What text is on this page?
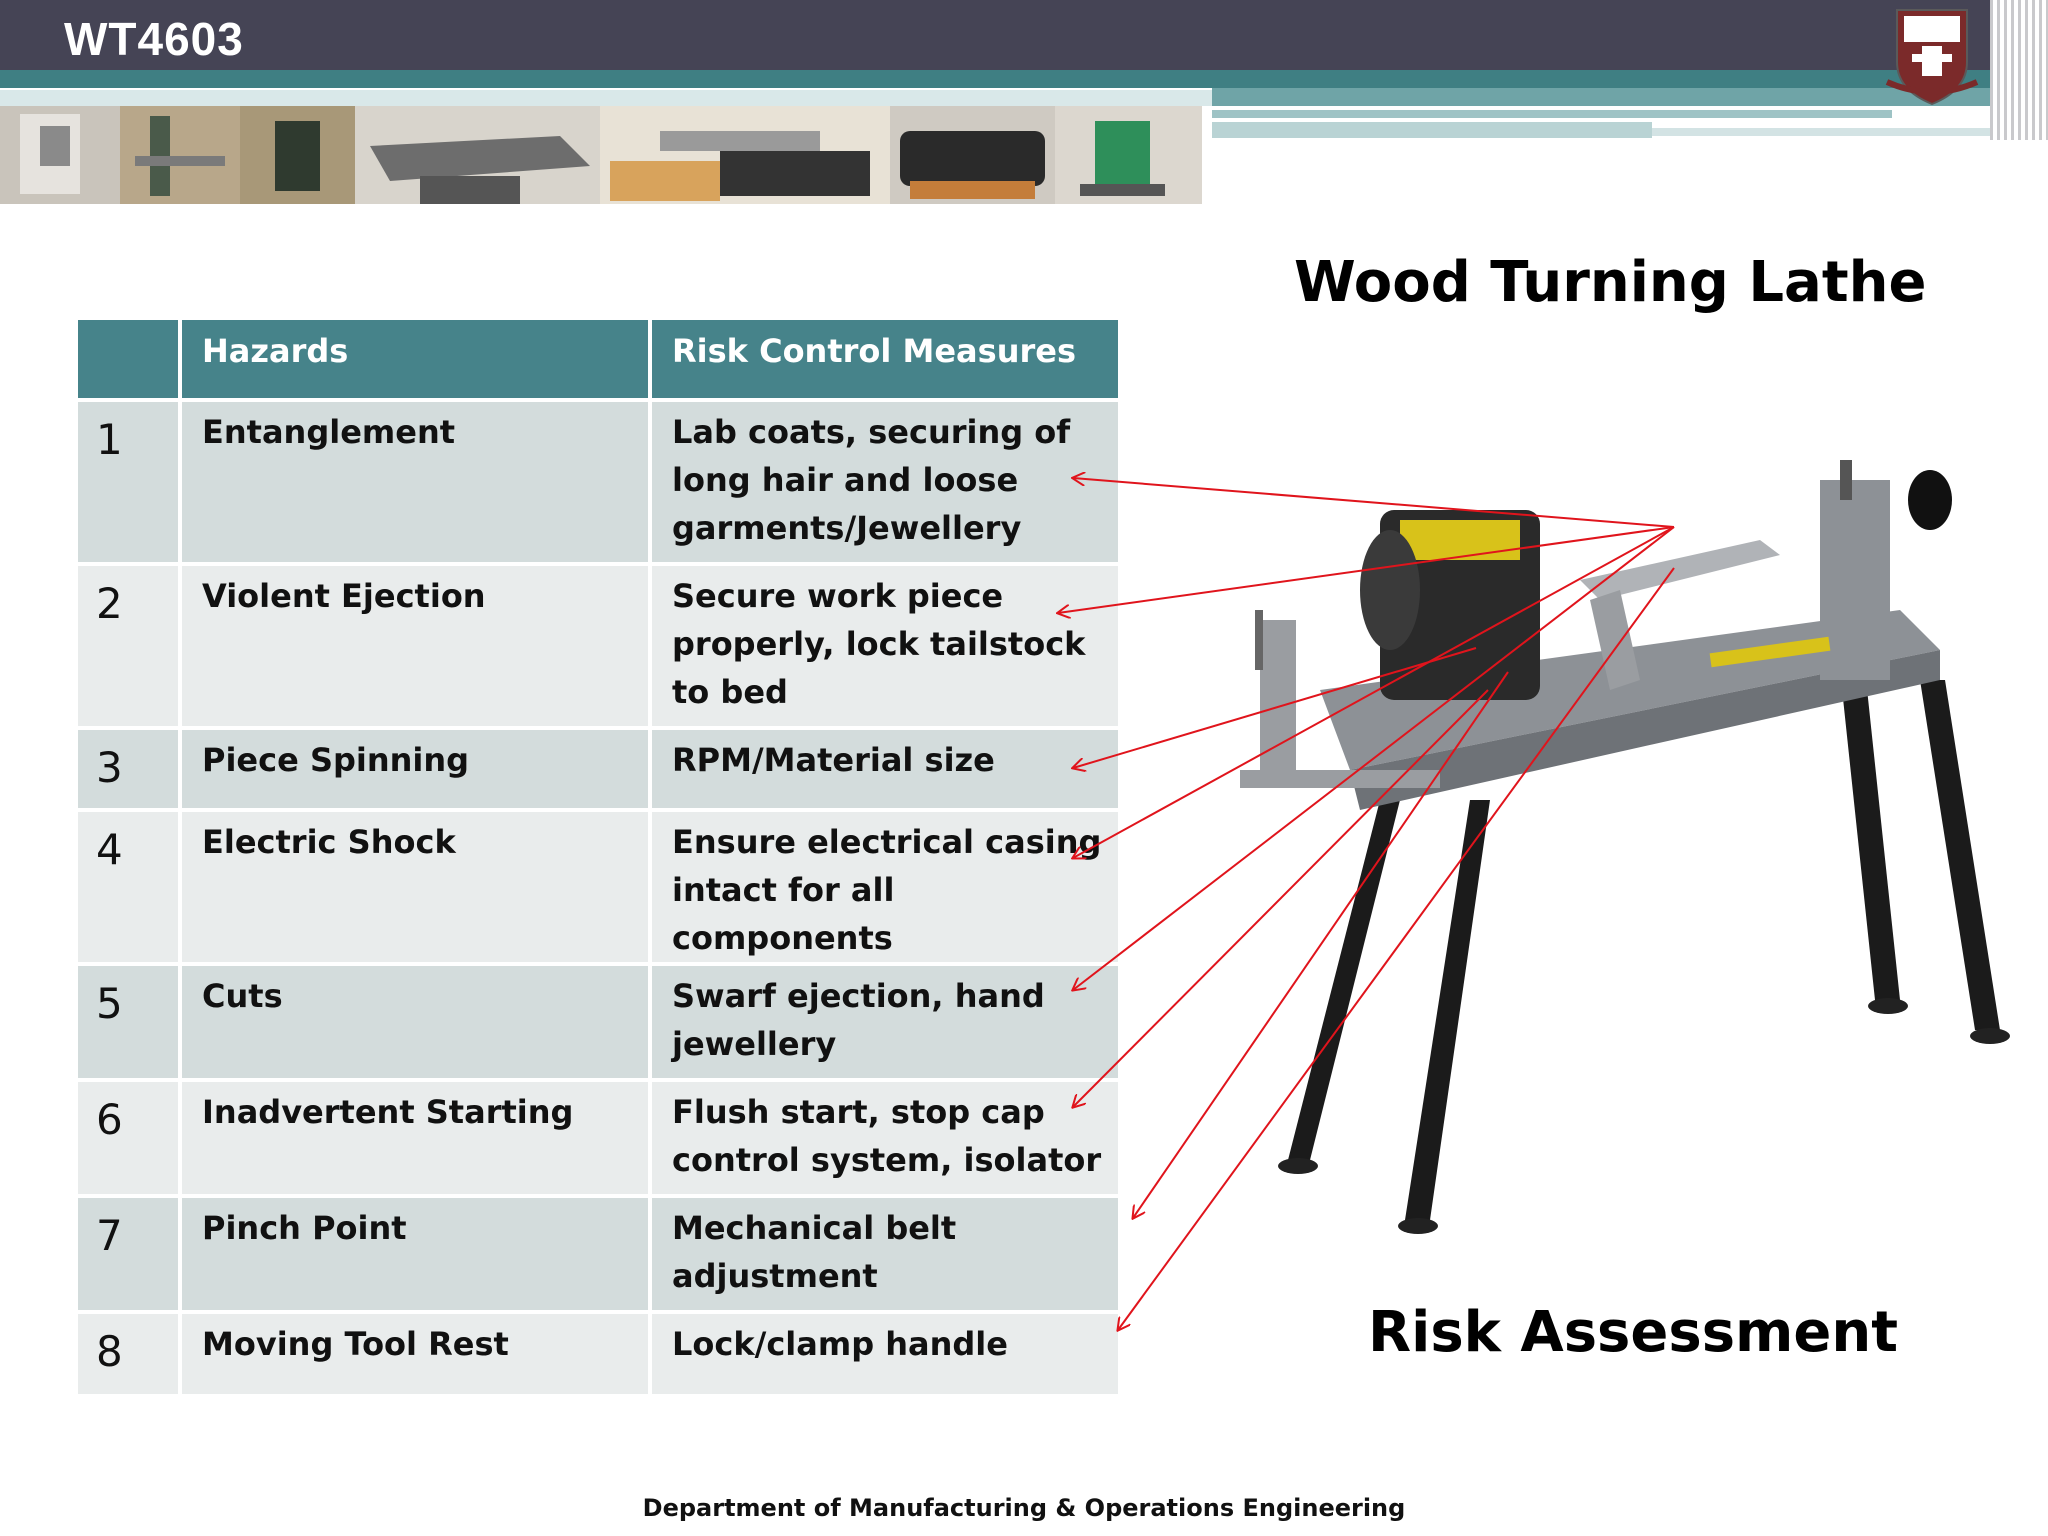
WT4603
	Hazards	Risk Control Measures
1	Entanglement	Lab coats, securing of long hair and loose garments/Jewellery
2	Violent Ejection	Secure work piece properly, lock tailstock to bed
3	Piece Spinning	RPM/Material size
4	Electric Shock	Ensure electrical casing intact for all components
5	Cuts	Swarf ejection, hand jewellery
6	Inadvertent Starting	Flush start, stop cap control system, isolator
7	Pinch Point	Mechanical belt adjustment
8	Moving Tool Rest	Lock/clamp handle
Wood Turning Lathe
Risk Assessment
Department of Manufacturing & Operations Engineering
